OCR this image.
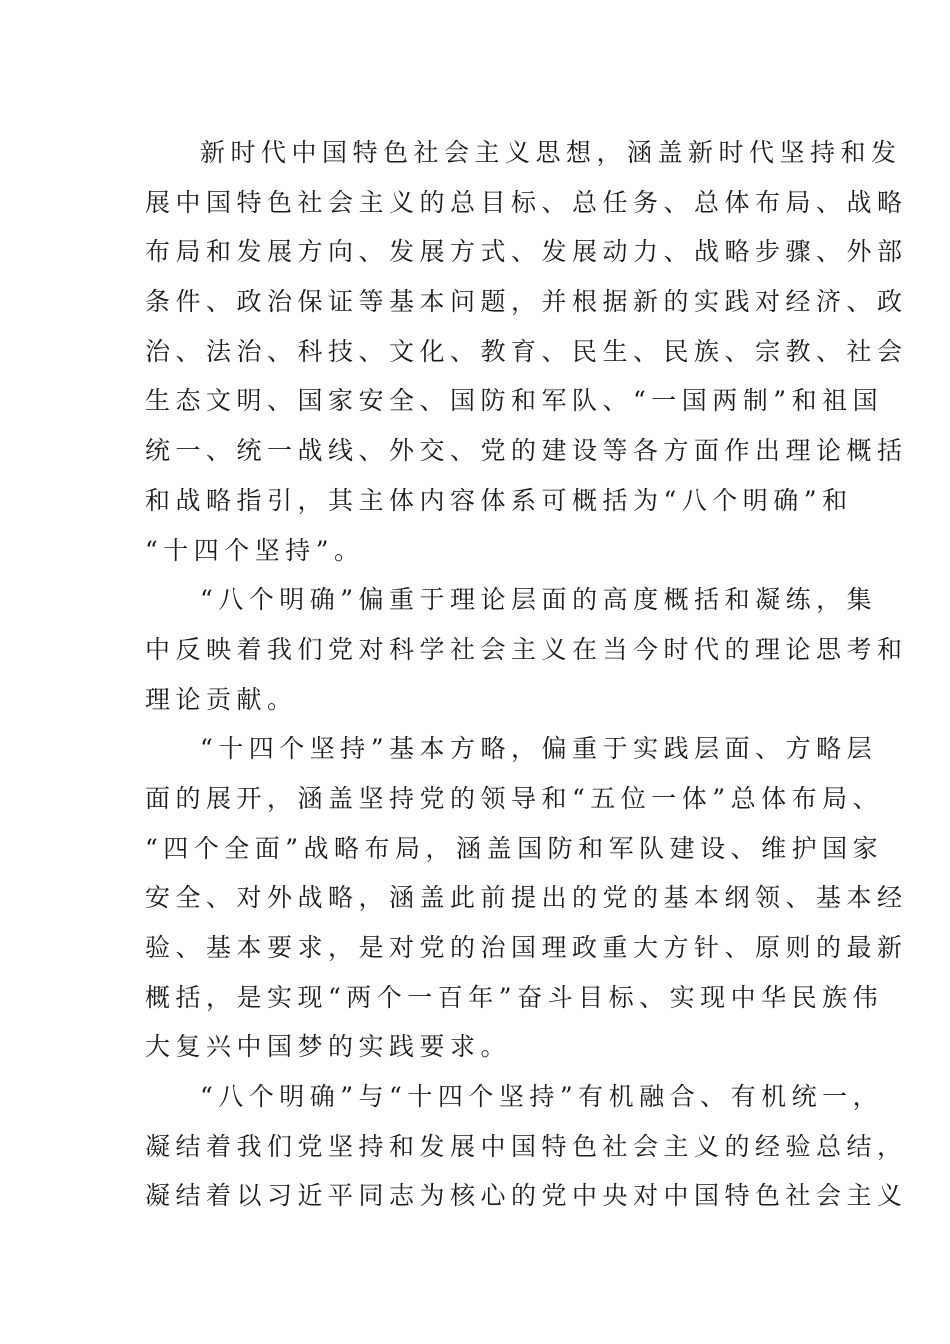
新时代中国特色社会主义思想，涵盖新时代坚持和发
展中国特色社会主义的总目标、总任务、总体布局、战略
布局和发展方向、发展方式、发展动力、战略步骤、外部
条件、政治保证等基本问题，并根据新的实践对经济、政
治、法治、科技、文化、教育、民生、民族、宗教、社会
生态文明、国家安全、国防和军队、“一国两制”和祖国
统一、统一战线、外交、党的建设等各方面作出理论概括
和战略指引，其主体内容体系可概括为“八个明确”和
“十四个坚持”。
“八个明确”偏重于理论层面的高度概括和凝练，集
中反映着我们党对科学社会主义在当今时代的理论思考和
理论贡献。
“十四个坚持”基本方略，偏重于实践层面、方略层
面的展开，涵盖坚持党的领导和“五位一体”总体布局、
“四个全面”战略布局，涵盖国防和军队建设、维护国家
安全、对外战略，涵盖此前提出的党的基本纲领、基本经
验、基本要求，是对党的治国理政重大方针、原则的最新
概括，是实现“两个一百年”奋斗目标、实现中华民族伟
大复兴中国梦的实践要求。
“八个明确”与“十四个坚持”有机融合、有机统一，
凝结着我们党坚持和发展中国特色社会主义的经验总结，
凝结着以习近平同志为核心的党中央对中国特色社会主义
